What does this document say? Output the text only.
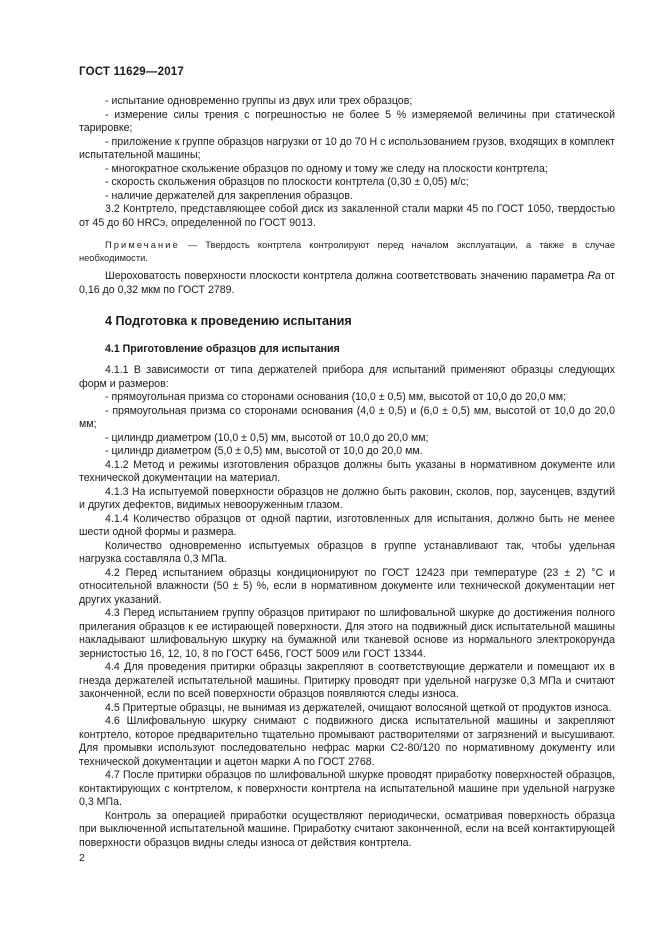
ГОСТ 11629—2017

- испытание одновременно группы из двух или трех образцов;

- измерение силы трения с погрешностью не более 5 % измеряемой величины при статической тарировке;

- приложение к группе образцов нагрузки от 10 до 70 Н с использованием грузов, входящих в комплект испытательной машины;

- многократное скольжение образцов по одному и тому же следу на плоскости контртела;

- скорость скольжения образцов по плоскости контртела (0,30 ± 0,05) м/с;

- наличие держателей для закрепления образцов.

3.2 Контртело, представляющее собой диск из закаленной стали марки 45 по ГОСТ 1050, твердостью от 45 до 60 HRCэ, определенной по ГОСТ 9013.

Примечание — Твердость контртела контролируют перед началом эксплуатации, а также в случае необходимости.

Шероховатость поверхности плоскости контртела должна соответствовать значению параметра Ra от 0,16 до 0,32 мкм по ГОСТ 2789.

4 Подготовка к проведению испытания

4.1 Приготовление образцов для испытания

4.1.1 В зависимости от типа держателей прибора для испытаний применяют образцы следующих форм и размеров:

- прямоугольная призма со сторонами основания (10,0 ± 0,5) мм, высотой от 10,0 до 20,0 мм;

- прямоугольная призма со сторонами основания (4,0 ± 0,5) и (6,0 ± 0,5) мм, высотой от 10,0 до 20,0 мм;

- цилиндр диаметром (10,0 ± 0,5) мм, высотой от 10,0 до 20,0 мм;

- цилиндр диаметром (5,0 ± 0,5) мм, высотой от 10,0 до 20,0 мм.

4.1.2 Метод и режимы изготовления образцов должны быть указаны в нормативном документе или технической документации на материал.

4.1.3 На испытуемой поверхности образцов не должно быть раковин, сколов, пор, заусенцев, вздутий и других дефектов, видимых невооруженным глазом.

4.1.4 Количество образцов от одной партии, изготовленных для испытания, должно быть не менее шести одной формы и размера.

Количество одновременно испытуемых образцов в группе устанавливают так, чтобы удельная нагрузка составляла 0,3 МПа.

4.2 Перед испытанием образцы кондиционируют по ГОСТ 12423 при температуре (23 ± 2) °C и относительной влажности (50 ± 5) %, если в нормативном документе или технической документации нет других указаний.

4.3 Перед испытанием группу образцов притирают по шлифовальной шкурке до достижения полного прилегания образцов к ее истирающей поверхности. Для этого на подвижный диск испытательной машины накладывают шлифовальную шкурку на бумажной или тканевой основе из нормального электрокорунда зернистостью 16, 12, 10, 8 по ГОСТ 6456, ГОСТ 5009 или ГОСТ 13344.

4.4 Для проведения притирки образцы закрепляют в соответствующие держатели и помещают их в гнезда держателей испытательной машины. Притирку проводят при удельной нагрузке 0,3 МПа и считают законченной, если по всей поверхности образцов появляются следы износа.

4.5 Притертые образцы, не вынимая из держателей, очищают волосяной щеткой от продуктов износа.

4.6 Шлифовальную шкурку снимают с подвижного диска испытательной машины и закрепляют контртело, которое предварительно тщательно промывают растворителями от загрязнений и высушивают. Для промывки используют последовательно нефрас марки С2-80/120 по нормативному документу или технической документации и ацетон марки А по ГОСТ 2768.

4.7 После притирки образцов по шлифовальной шкурке проводят приработку поверхностей образцов, контактирующих с контртелом, к поверхности контртела на испытательной машине при удельной нагрузке 0,3 МПа.

Контроль за операцией приработки осуществляют периодически, осматривая поверхность образца при выключенной испытательной машине. Приработку считают законченной, если на всей контактирующей поверхности образцов видны следы износа от действия контртела.

2
